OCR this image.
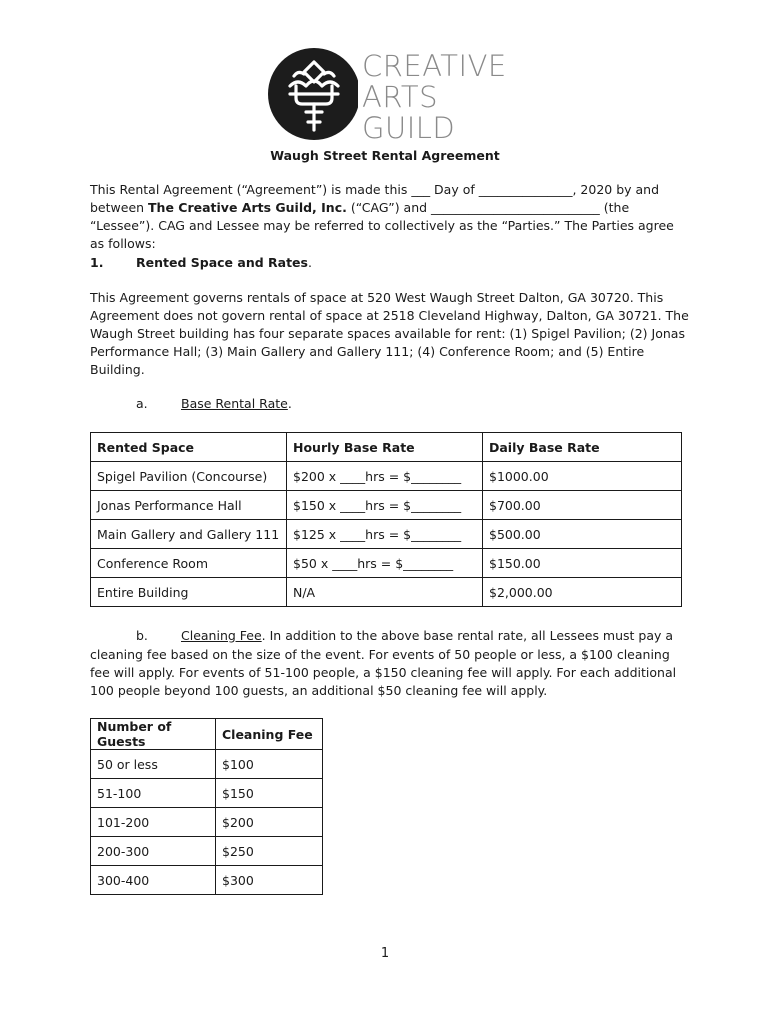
CREATIVE
ARTS
GUILD
Waugh Street Rental Agreement

This Rental Agreement (“Agreement”) is made this ___ Day of _______________, 2020 by and between The Creative Arts Guild, Inc. (“CAG”) and ___________________________ (the “Lessee”). CAG and Lessee may be referred to collectively as the “Parties.” The Parties agree as follows:

1.	Rented Space and Rates.

This Agreement governs rentals of space at 520 West Waugh Street Dalton, GA 30720. This Agreement does not govern rental of space at 2518 Cleveland Highway, Dalton, GA 30721. The Waugh Street building has four separate spaces available for rent: (1) Spigel Pavilion; (2) Jonas Performance Hall; (3) Main Gallery and Gallery 111; (4) Conference Room; and (5) Entire Building.

a.	Base Rental Rate.
Rented Space	Hourly Base Rate	Daily Base Rate
Spigel Pavilion (Concourse)	$200 x ____hrs = $________	$1000.00
Jonas Performance Hall	$150 x ____hrs = $________	$700.00
Main Gallery and Gallery 111	$125 x ____hrs = $________	$500.00
Conference Room	$50 x ____hrs = $________	$150.00
Entire Building	N/A	$2,000.00
b.	Cleaning Fee. In addition to the above base rental rate, all Lessees must pay a

cleaning fee based on the size of the event. For events of 50 people or less, a $100 cleaning fee will apply. For events of 51-100 people, a $150 cleaning fee will apply. For each additional 100 people beyond 100 guests, an additional $50 cleaning fee will apply.

Number of Guests	Cleaning Fee
50 or less	$100
51-100	$150
101-200	$200
200-300	$250
300-400	$300
1
